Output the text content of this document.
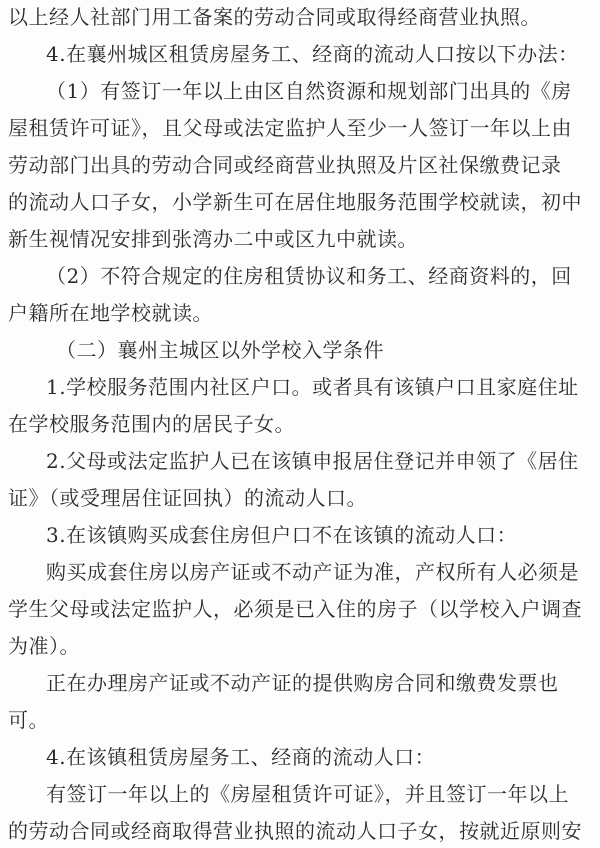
以上经人社部门用工备案的劳动合同或取得经商营业执照。
4.在襄州城区租赁房屋务工、经商的流动人口按以下办法：
（1）有签订一年以上由区自然资源和规划部门出具的《房
屋租赁许可证》，且父母或法定监护人至少一人签订一年以上由
劳动部门出具的劳动合同或经商营业执照及片区社保缴费记录
的流动人口子女，小学新生可在居住地服务范围学校就读，初中
新生视情况安排到张湾办二中或区九中就读。
（2）不符合规定的住房租赁协议和务工、经商资料的，回
户籍所在地学校就读。
（二）襄州主城区以外学校入学条件
1.学校服务范围内社区户口。或者具有该镇户口且家庭住址
在学校服务范围内的居民子女。
2.父母或法定监护人已在该镇申报居住登记并申领了《居住
证》（或受理居住证回执）的流动人口。
3.在该镇购买成套住房但户口不在该镇的流动人口：
购买成套住房以房产证或不动产证为准，产权所有人必须是
学生父母或法定监护人，必须是已入住的房子（以学校入户调查
为准）。
正在办理房产证或不动产证的提供购房合同和缴费发票也
可。
4.在该镇租赁房屋务工、经商的流动人口：
有签订一年以上的《房屋租赁许可证》，并且签订一年以上
的劳动合同或经商取得营业执照的流动人口子女，按就近原则安
